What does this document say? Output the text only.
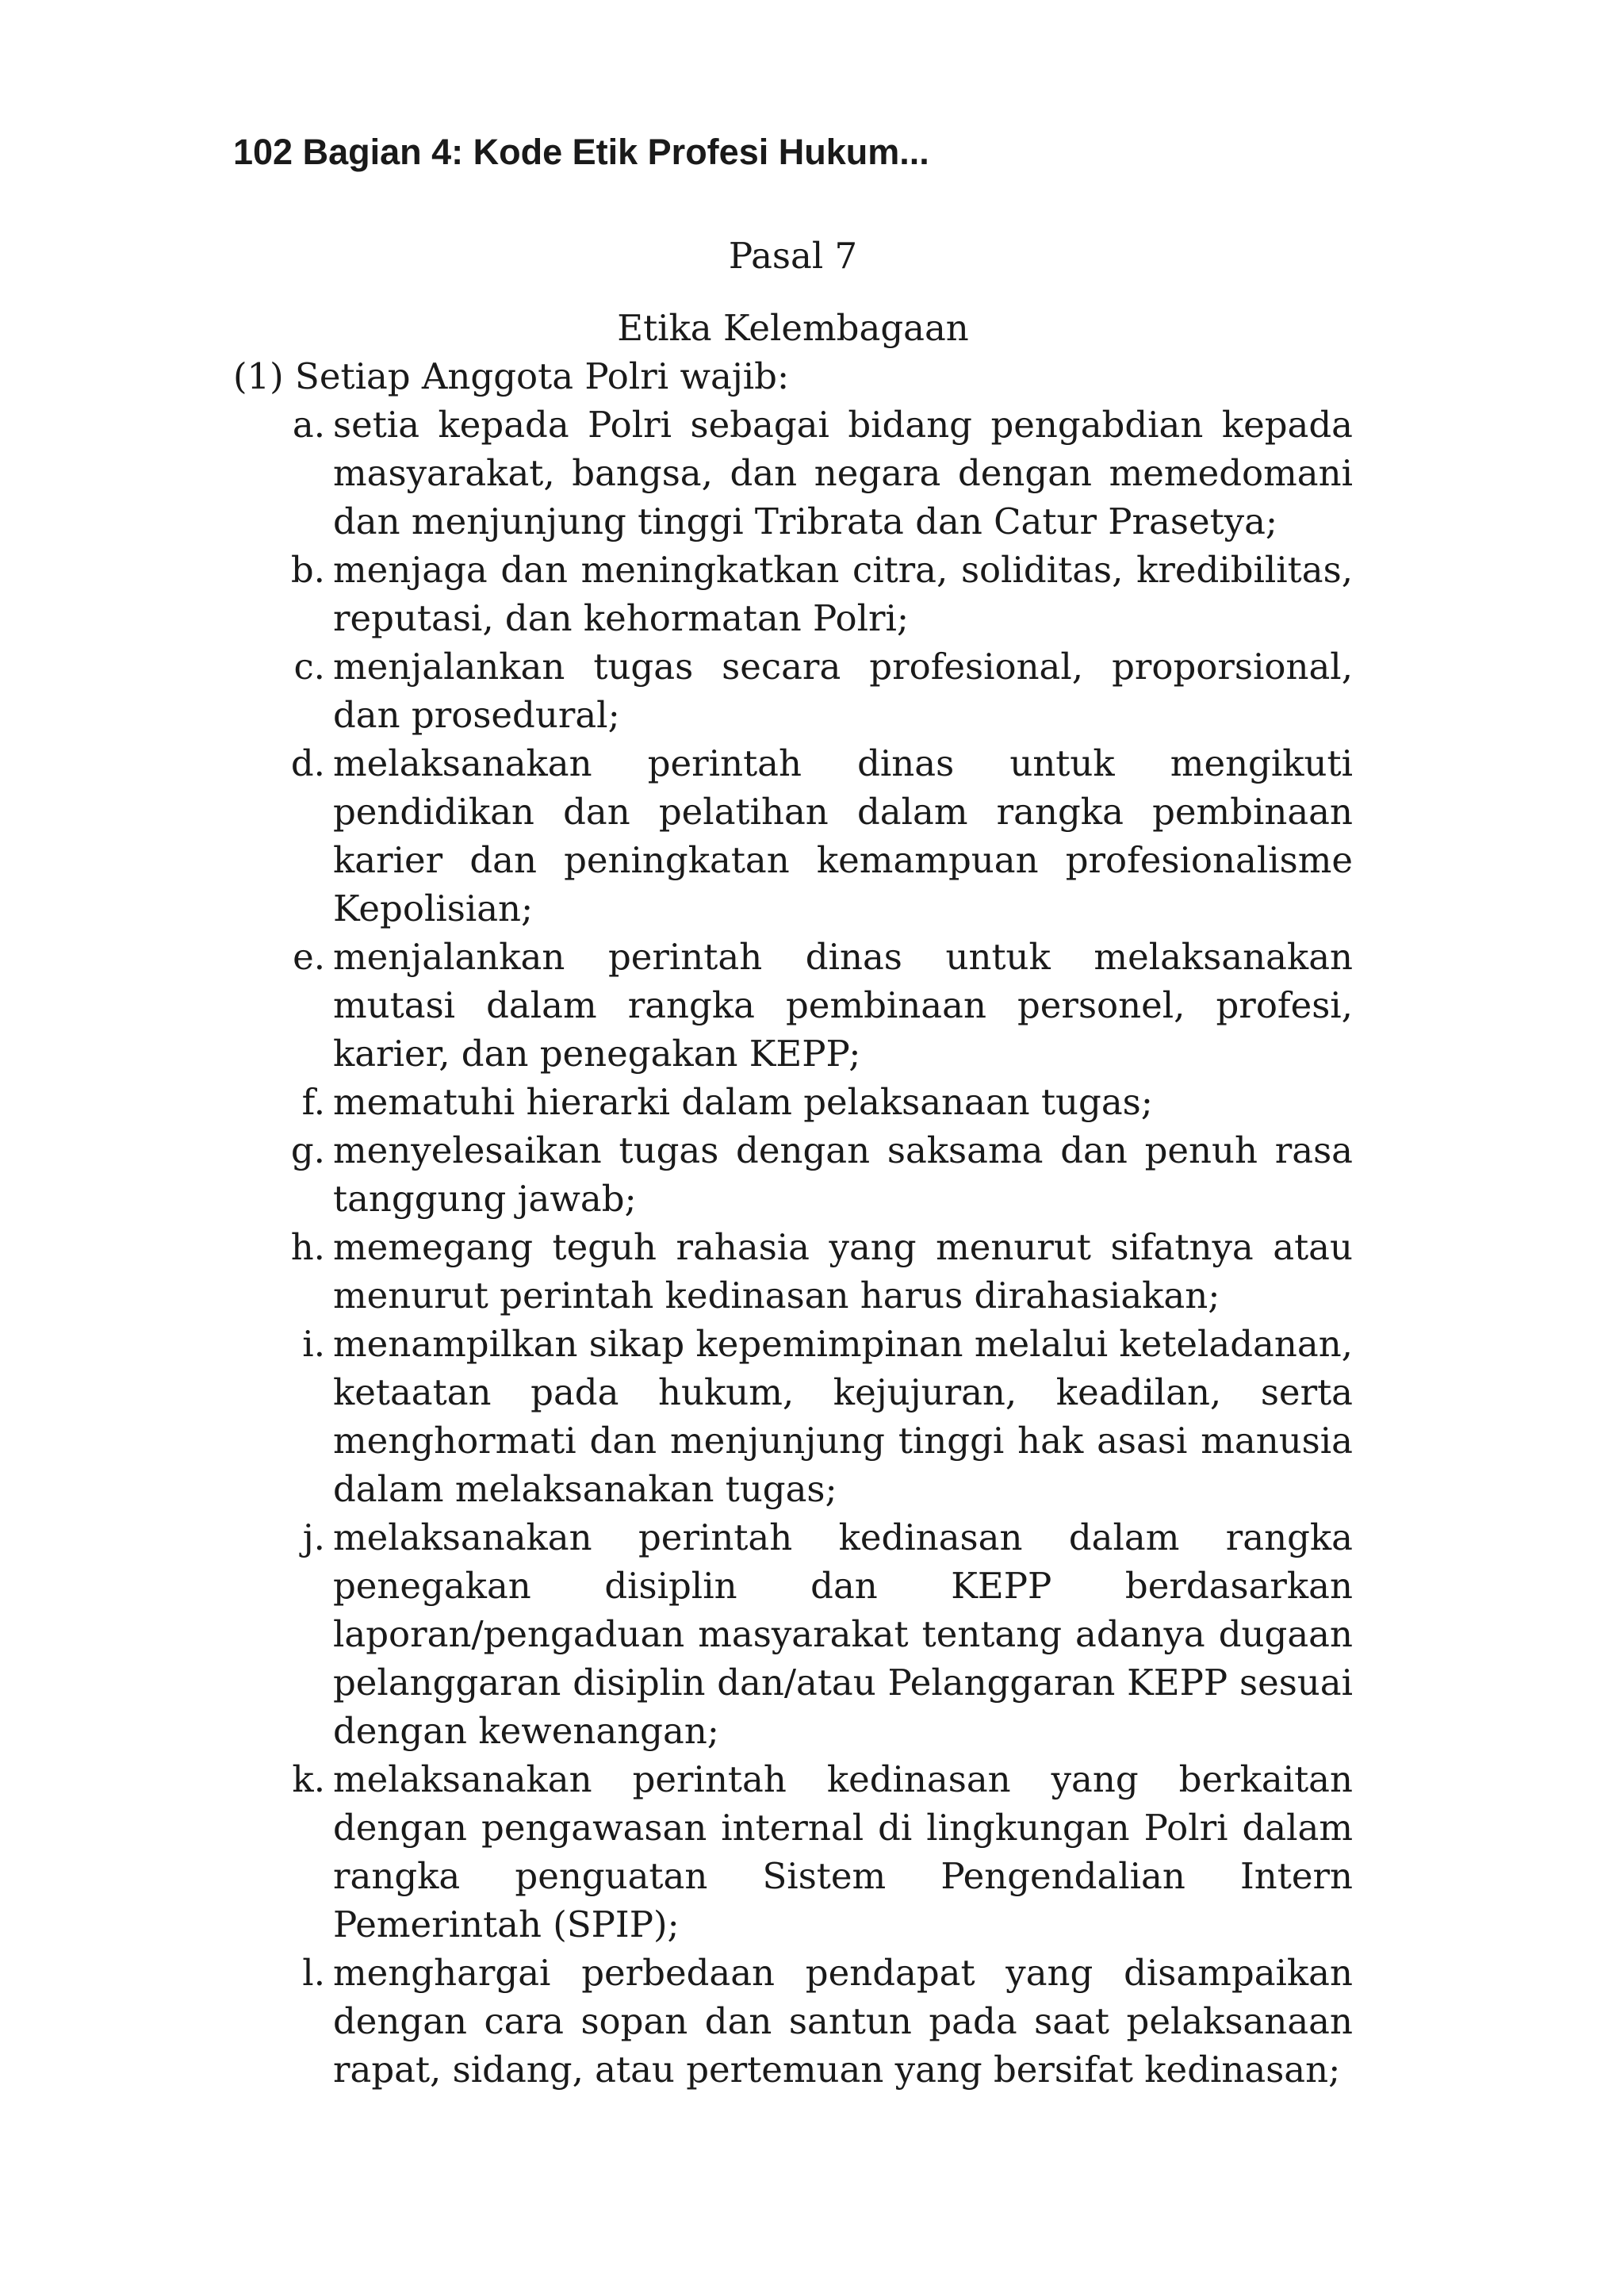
102 Bagian 4: Kode Etik Profesi Hukum...
Pasal 7
Etika Kelembagaan
(1) Setiap Anggota Polri wajib:
a. setia kepada Polri sebagai bidang pengabdian kepada masyarakat, bangsa, dan negara dengan memedomani dan menjunjung tinggi Tribrata dan Catur Prasetya;
b. menjaga dan meningkatkan citra, soliditas, kredibilitas, reputasi, dan kehormatan Polri;
c. menjalankan tugas secara profesional, proporsional, dan prosedural;
d. melaksanakan perintah dinas untuk mengikuti pendidikan dan pelatihan dalam rangka pembinaan karier dan peningkatan kemampuan profesionalisme Kepolisian;
e. menjalankan perintah dinas untuk melaksanakan mutasi dalam rangka pembinaan personel, profesi, karier, dan penegakan KEPP;
f. mematuhi hierarki dalam pelaksanaan tugas;
g. menyelesaikan tugas dengan saksama dan penuh rasa tanggung jawab;
h. memegang teguh rahasia yang menurut sifatnya atau menurut perintah kedinasan harus dirahasiakan;
i. menampilkan sikap kepemimpinan melalui keteladanan, ketaatan pada hukum, kejujuran, keadilan, serta menghormati dan menjunjung tinggi hak asasi manusia dalam melaksanakan tugas;
j. melaksanakan perintah kedinasan dalam rangka penegakan disiplin dan KEPP berdasarkan laporan/pengaduan masyarakat tentang adanya dugaan pelanggaran disiplin dan/atau Pelanggaran KEPP sesuai dengan kewenangan;
k. melaksanakan perintah kedinasan yang berkaitan dengan pengawasan internal di lingkungan Polri dalam rangka penguatan Sistem Pengendalian Intern Pemerintah (SPIP);
l. menghargai perbedaan pendapat yang disampaikan dengan cara sopan dan santun pada saat pelaksanaan rapat, sidang, atau pertemuan yang bersifat kedinasan;
